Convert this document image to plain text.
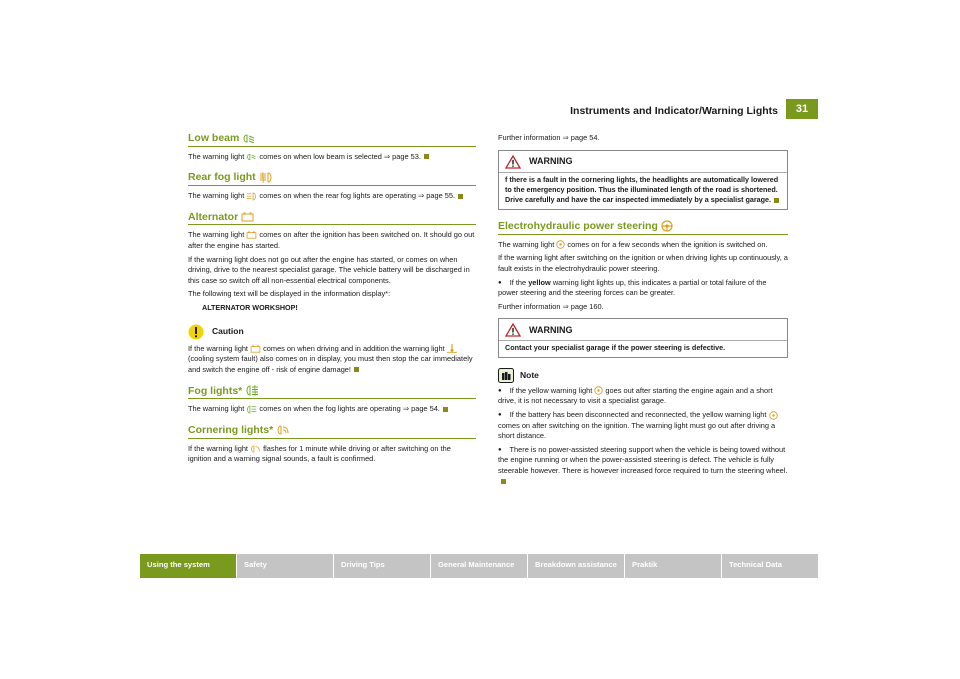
Instruments and Indicator/Warning Lights	31
Low beam

The warning light comes on when low beam is selected ⇒ page 53.

Rear fog light

The warning light comes on when the rear fog lights are operating ⇒ page 55.

Alternator

The warning light comes on after the ignition has been switched on. It should go out after the engine has started.

If the warning light does not go out after the engine has started, or comes on when driving, drive to the nearest specialist garage. The vehicle battery will be discharged in this case so switch off all non-essential electrical components.

The following text will be displayed in the information display*:

ALTERNATOR WORKSHOP!
Caution

If the warning light comes on when driving and in addition the warning light  (cooling system fault) also comes on in display, you must then stop the car immediately and switch the engine off - risk of engine damage!

Fog lights*

The warning light comes on when the fog lights are operating ⇒ page 54.

Cornering lights*

If the warning light flashes for 1 minute while driving or after switching on the ignition and a warning signal sounds, a fault is confirmed.

Further information ⇒ page 54.

WARNING
f there is a fault in the cornering lights, the headlights are automatically lowered to the emergency position. Thus the illuminated length of the road is shortened. Drive carefully and have the car inspected immediately by a specialist garage.
Electrohydraulic power steering

The warning light comes on for a few seconds when the ignition is switched on.

If the warning light after switching on the ignition or when driving lights up continuously, a fault exists in the electrohydraulic power steering.

● If the yellow warning light lights up, this indicates a partial or total failure of the power steering and the steering forces can be greater.

Further information ⇒ page 160.

WARNING
Contact your specialist garage if the power steering is defective.
Note

● If the yellow warning light goes out after starting the engine again and a short drive, it is not necessary to visit a specialist garage.

● If the battery has been disconnected and reconnected, the yellow warning light  comes on after switching on the ignition. The warning light must go out after driving a short distance.

● There is no power-assisted steering support when the vehicle is being towed without the engine running or when the power-assisted steering is defect. The vehicle is fully steerable however. There is however increased force required to turn the steering wheel.

Using the system	Safety	Driving Tips	General Maintenance	Breakdown assistance	Praktik	Technical Data
